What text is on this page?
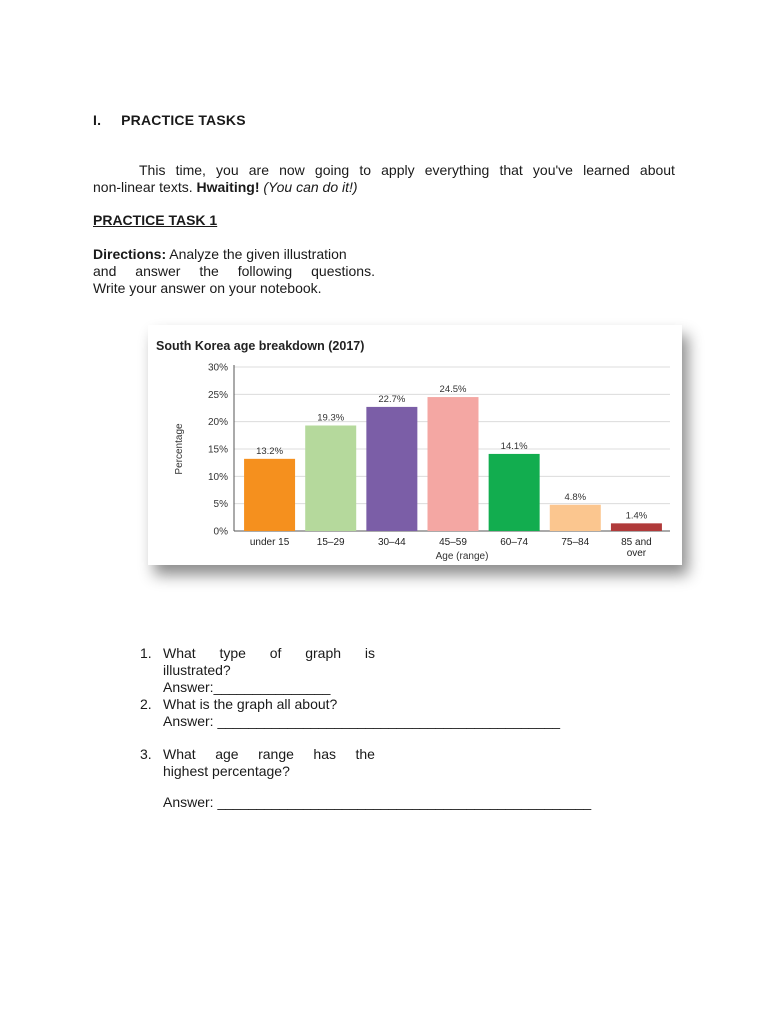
I. PRACTICE TASKS
This time, you are now going to apply everything that you've learned about
non-linear texts. Hwaiting! (You can do it!)
PRACTICE TASK 1
Directions: Analyze the given illustration
and answer the following questions.
Write your answer on your notebook.
South Korea age breakdown (2017)
0%
5%
10%
15%
20%
25%
30%
Percentage	13.2%
under 15
19.3%
15–29
22.7%
30–44
24.5%
45–59
14.1%
60–74
4.8%
75–84
1.4%
85 and
over
Age (range)
1. What type of graph is
illustrated?
Answer:_______________
2. What is the graph all about?
Answer: ____________________________________________
3. What age range has the
highest percentage?
Answer: ________________________________________________
